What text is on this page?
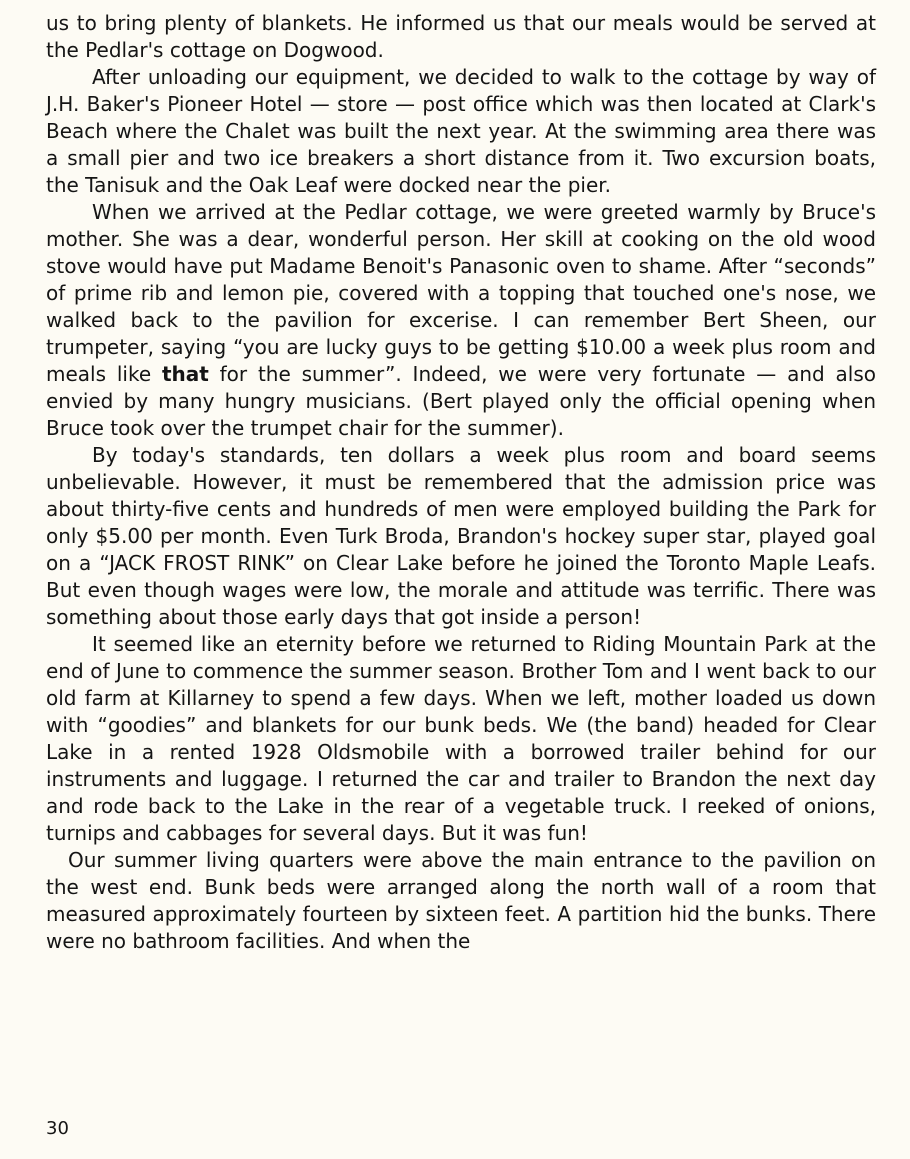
us to bring plenty of blankets. He informed us that our meals would be served at the Pedlar's cottage on Dogwood.

After unloading our equipment, we decided to walk to the cottage by way of J.H. Baker's Pioneer Hotel — store — post office which was then located at Clark's Beach where the Chalet was built the next year. At the swimming area there was a small pier and two ice breakers a short distance from it. Two excursion boats, the Tanisuk and the Oak Leaf were docked near the pier.

When we arrived at the Pedlar cottage, we were greeted warmly by Bruce's mother. She was a dear, wonderful person. Her skill at cooking on the old wood stove would have put Madame Benoit's Panasonic oven to shame. After “seconds” of prime rib and lemon pie, covered with a topping that touched one's nose, we walked back to the pavilion for excerise. I can remember Bert Sheen, our trumpeter, saying “you are lucky guys to be getting $10.00 a week plus room and meals like that for the summer”. Indeed, we were very fortunate — and also envied by many hungry musicians. (Bert played only the official opening when Bruce took over the trumpet chair for the summer).

By today's standards, ten dollars a week plus room and board seems unbelievable. However, it must be remembered that the admission price was about thirty-five cents and hundreds of men were employed building the Park for only $5.00 per month. Even Turk Broda, Brandon's hockey super star, played goal on a “JACK FROST RINK” on Clear Lake before he joined the Toronto Maple Leafs. But even though wages were low, the morale and attitude was terrific. There was something about those early days that got inside a person!

It seemed like an eternity before we returned to Riding Mountain Park at the end of June to commence the summer season. Brother Tom and I went back to our old farm at Killarney to spend a few days. When we left, mother loaded us down with “goodies” and blankets for our bunk beds. We (the band) headed for Clear Lake in a rented 1928 Oldsmobile with a borrowed trailer behind for our instruments and luggage. I returned the car and trailer to Brandon the next day and rode back to the Lake in the rear of a vegetable truck. I reeked of onions, turnips and cabbages for several days. But it was fun!

Our summer living quarters were above the main entrance to the pavilion on the west end. Bunk beds were arranged along the north wall of a room that measured approximately fourteen by sixteen feet. A partition hid the bunks. There were no bathroom facilities. And when the

30
